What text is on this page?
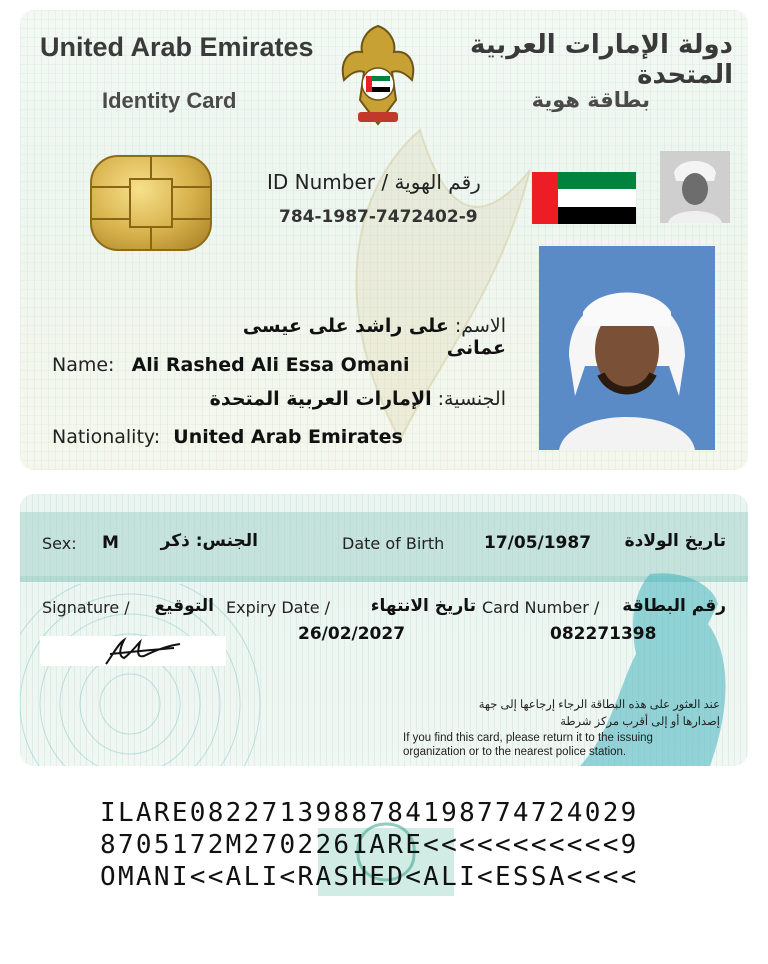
United Arab Emirates
Identity Card
دولة الإمارات العربية المتحدة
بطاقة هوية
ID Number / رقم الهوية
784-1987-7472402-9
الاسم: على راشد على عيسى عمانى
Name: Ali Rashed Ali Essa Omani
الجنسية: الإمارات العربية المتحدة
Nationality: United Arab Emirates
Sex: M	الجنس: ذكر	Date of Birth 17/05/1987	تاريخ الولادة
Signature / التوقيع Expiry Date /	تاريخ الانتهاء
26/02/2027
Card Number / رقم البطاقة
082271398
عند العثور على هذه البطاقة الرجاء إرجاعها إلى جهة
إصدارها أو إلى أقرب مركز شرطة
If you find this card, please return it to the issuing
organization or to the nearest police station.
ILARE0822713988784198774724029
8705172M2702261ARE<<<<<<<<<<<9
OMANI<<ALI<RASHED<ALI<ESSA<<<<
